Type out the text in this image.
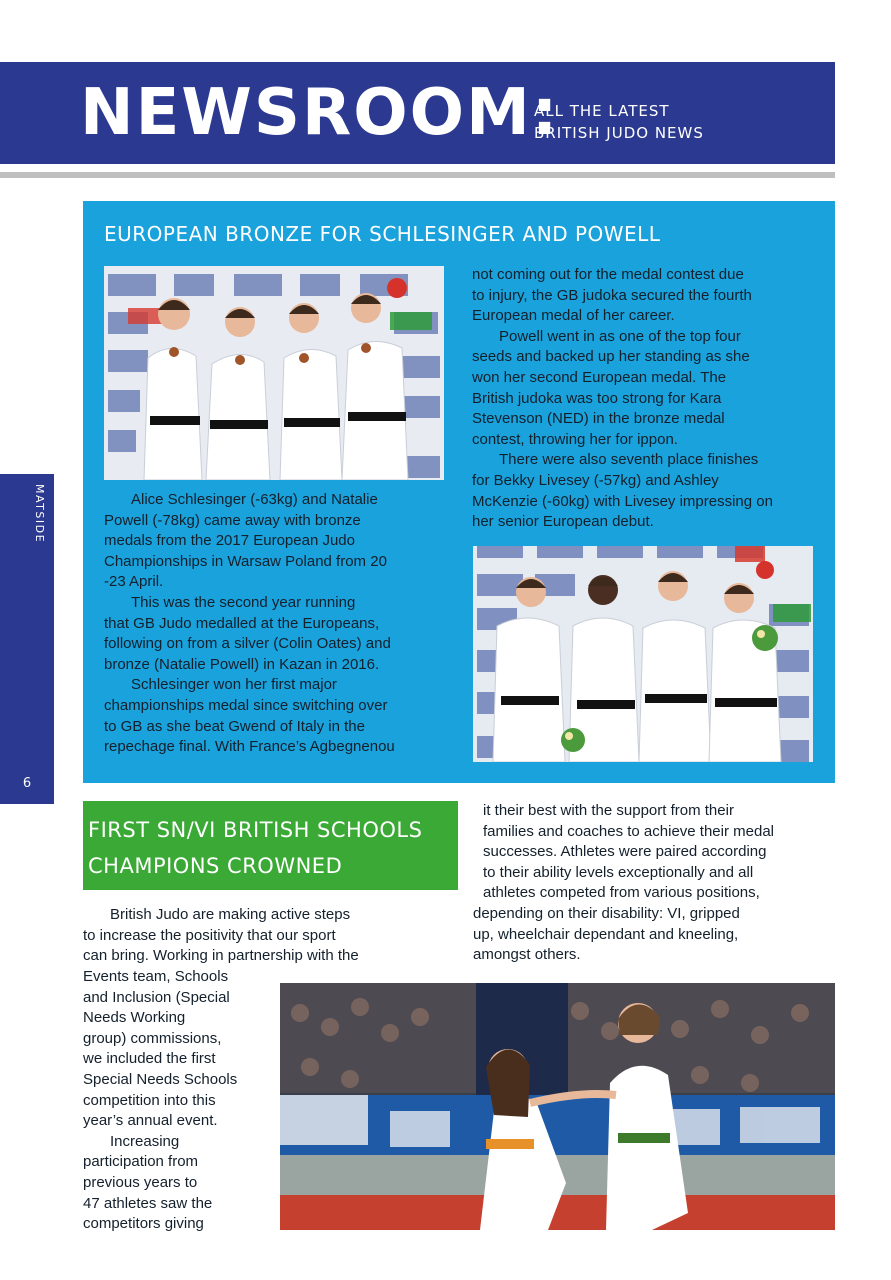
NEWSROOM:
ALL THE LATEST
BRITISH JUDO NEWS
MATSIDE
6
EUROPEAN BRONZE FOR SCHLESINGER AND POWELL

Alice Schlesinger (-63kg) and Natalie

Powell (-78kg) came away with bronze

medals from the 2017 European Judo

Championships in Warsaw Poland from 20

-23 April.

This was the second year running

that GB Judo medalled at the Europeans,

following on from a silver (Colin Oates) and

bronze (Natalie Powell) in Kazan in 2016.

Schlesinger won her first major

championships medal since switching over

to GB as she beat Gwend of Italy in the

repechage final. With France’s Agbegnenou

not coming out for the medal contest due

to injury, the GB judoka secured the fourth

European medal of her career.

Powell went in as one of the top four

seeds and backed up her standing as she

won her second European medal. The

British judoka was too strong for Kara

Stevenson (NED) in the bronze medal

contest, throwing her for ippon.

There were also seventh place finishes

for Bekky Livesey (-57kg) and Ashley

McKenzie (-60kg) with Livesey impressing on

her senior European debut.

FIRST SN/VI BRITISH SCHOOLS
CHAMPIONS CROWNED

British Judo are making active steps

to increase the positivity that our sport

can bring. Working in partnership with the

Events team, Schools

and Inclusion (Special

Needs Working

group) commissions,

we included the first

Special Needs Schools

competition into this

year’s annual event.

Increasing

participation from

previous years to

47 athletes saw the

competitors giving

it their best with the support from their

families and coaches to achieve their medal

successes. Athletes were paired according

to their ability levels exceptionally and all

athletes competed from various positions,

depending on their disability: VI, gripped

up, wheelchair dependant and kneeling,

amongst others.
